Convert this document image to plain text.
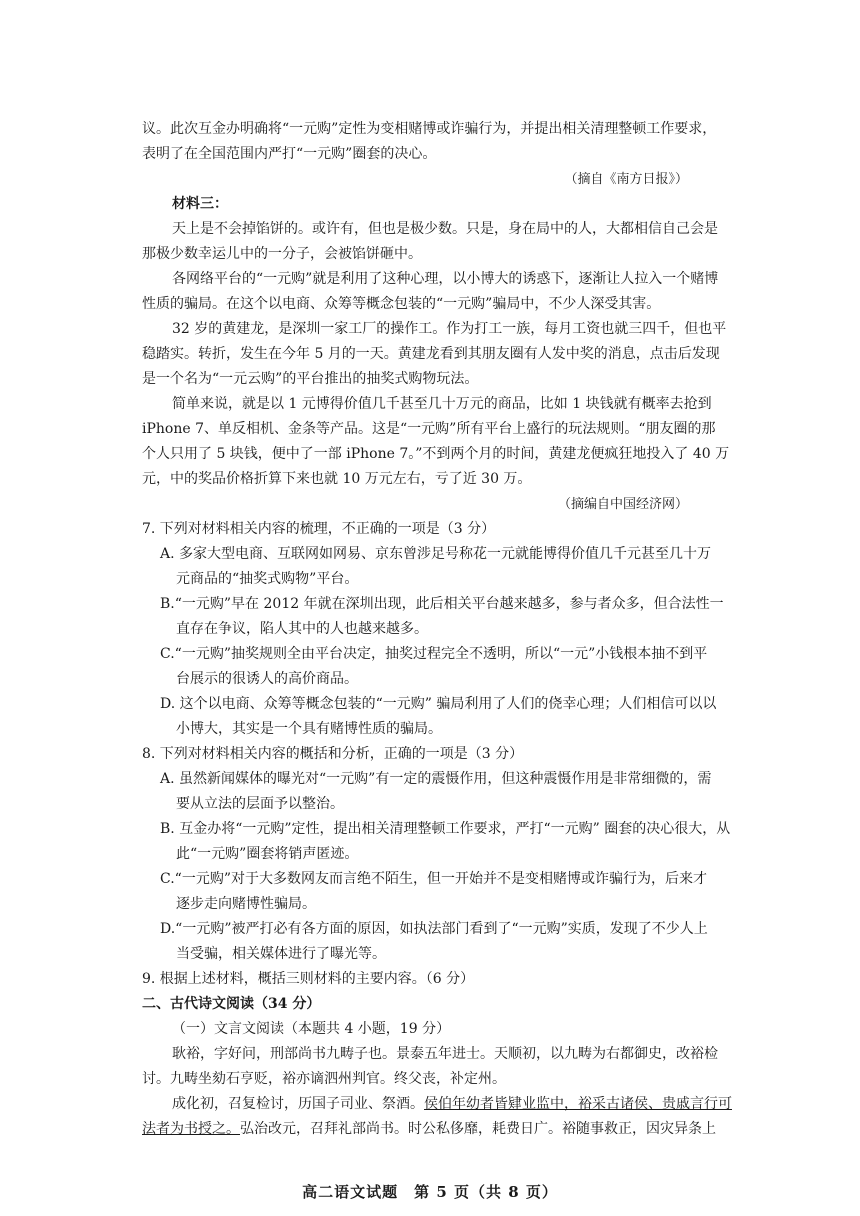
议。此次互金办明确将“一元购”定性为变相赌博或诈骗行为，并提出相关清理整顿工作要求，

表明了在全国范围内严打“一元购”圈套的决心。

（摘自《南方日报》）

材料三：

天上是不会掉馅饼的。或许有，但也是极少数。只是，身在局中的人，大都相信自己会是

那极少数幸运儿中的一分子，会被馅饼砸中。

各网络平台的“一元购”就是利用了这种心理，以小博大的诱惑下，逐渐让人拉入一个赌博

性质的骗局。在这个以电商、众筹等概念包装的“一元购”骗局中，不少人深受其害。

32 岁的黄建龙，是深圳一家工厂的操作工。作为打工一族，每月工资也就三四千，但也平

稳踏实。转折，发生在今年 5 月的一天。黄建龙看到其朋友圈有人发中奖的消息，点击后发现

是一个名为“一元云购”的平台推出的抽奖式购物玩法。

简单来说，就是以 1 元博得价值几千甚至几十万元的商品，比如 1 块钱就有概率去抢到

iPhone 7、单反相机、金条等产品。这是“一元购”所有平台上盛行的玩法规则。“朋友圈的那

个人只用了 5 块钱，便中了一部 iPhone 7。”不到两个月的时间，黄建龙便疯狂地投入了 40 万

元，中的奖品价格折算下来也就 10 万元左右，亏了近 30 万。

（摘编自中国经济网）

7. 下列对材料相关内容的梳理，不正确的一项是（3 分）

A. 多家大型电商、互联网如网易、京东曾涉足号称花一元就能博得价值几千元甚至几十万
元商品的“抽奖式购物”平台。
B.“一元购”早在 2012 年就在深圳出现，此后相关平台越来越多，参与者众多，但合法性一
直存在争议，陷人其中的人也越来越多。
C.“一元购”抽奖规则全由平台决定，抽奖过程完全不透明，所以“一元”小钱根本抽不到平
台展示的很诱人的高价商品。
D. 这个以电商、众筹等概念包装的“一元购” 骗局利用了人们的侥幸心理；人们相信可以以
小博大，其实是一个具有赌博性质的骗局。

8. 下列对材料相关内容的概括和分析，正确的一项是（3 分）

A. 虽然新闻媒体的曝光对“一元购”有一定的震慑作用，但这种震慑作用是非常细微的，需
要从立法的层面予以整治。
B. 互金办将“一元购”定性，提出相关清理整顿工作要求，严打“一元购” 圈套的决心很大，从
此“一元购”圈套将销声匿迹。
C.“一元购”对于大多数网友而言绝不陌生，但一开始并不是变相赌博或诈骗行为，后来才
逐步走向赌博性骗局。
D.“一元购”被严打必有各方面的原因，如执法部门看到了“一元购”实质，发现了不少人上
当受骗，相关媒体进行了曝光等。

9. 根据上述材料，概括三则材料的主要内容。（6 分）

二、古代诗文阅读（34 分）

（一）文言文阅读（本题共 4 小题，19 分）

耿裕，字好问，刑部尚书九畴子也。景泰五年进士。天顺初，以九畴为右都御史，改裕检

讨。九畴坐劾石亨贬，裕亦谪泗州判官。终父丧，补定州。

成化初，召复检讨，历国子司业、祭酒。侯伯年幼者皆肄业监中，裕采古诸侯、贵戚言行可

法者为书授之。弘治改元，召拜礼部尚书。时公私侈靡，耗费日广。裕随事救正，因灾异条上

高二语文试题　第 5 页（共 8 页）
